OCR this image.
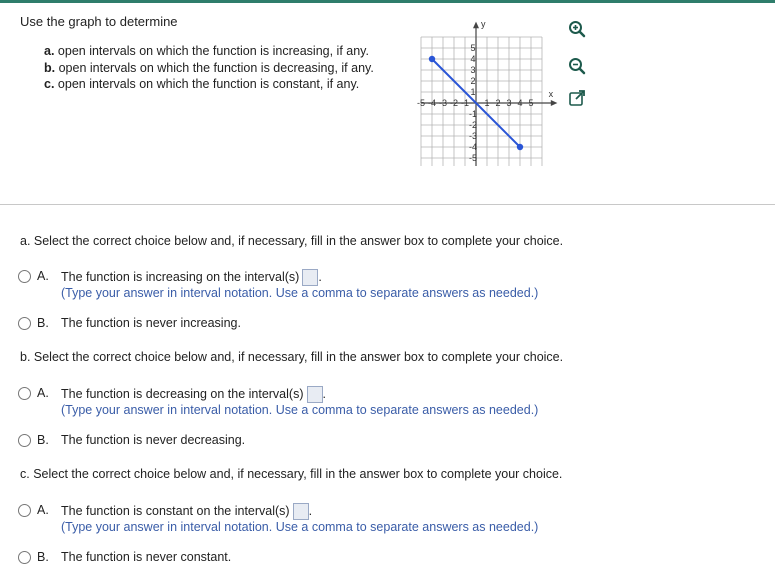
Use the graph to determine
a. open intervals on which the function is increasing, if any.
b. open intervals on which the function is decreasing, if any.
c. open intervals on which the function is constant, if any.
-5 -4 -3 -2 -1 1 2 3 4 5
5
4
3
2
1
-1
-2
-3
-4
-5
x
y
a. Select the correct choice below and, if necessary, fill in the answer box to complete your choice.
A. The function is increasing on the interval(s) .
(Type your answer in interval notation. Use a comma to separate answers as needed.)
B. The function is never increasing.
b. Select the correct choice below and, if necessary, fill in the answer box to complete your choice.
A. The function is decreasing on the interval(s) .
(Type your answer in interval notation. Use a comma to separate answers as needed.)
B. The function is never decreasing.
c. Select the correct choice below and, if necessary, fill in the answer box to complete your choice.
A. The function is constant on the interval(s) .
(Type your answer in interval notation. Use a comma to separate answers as needed.)
B. The function is never constant.
